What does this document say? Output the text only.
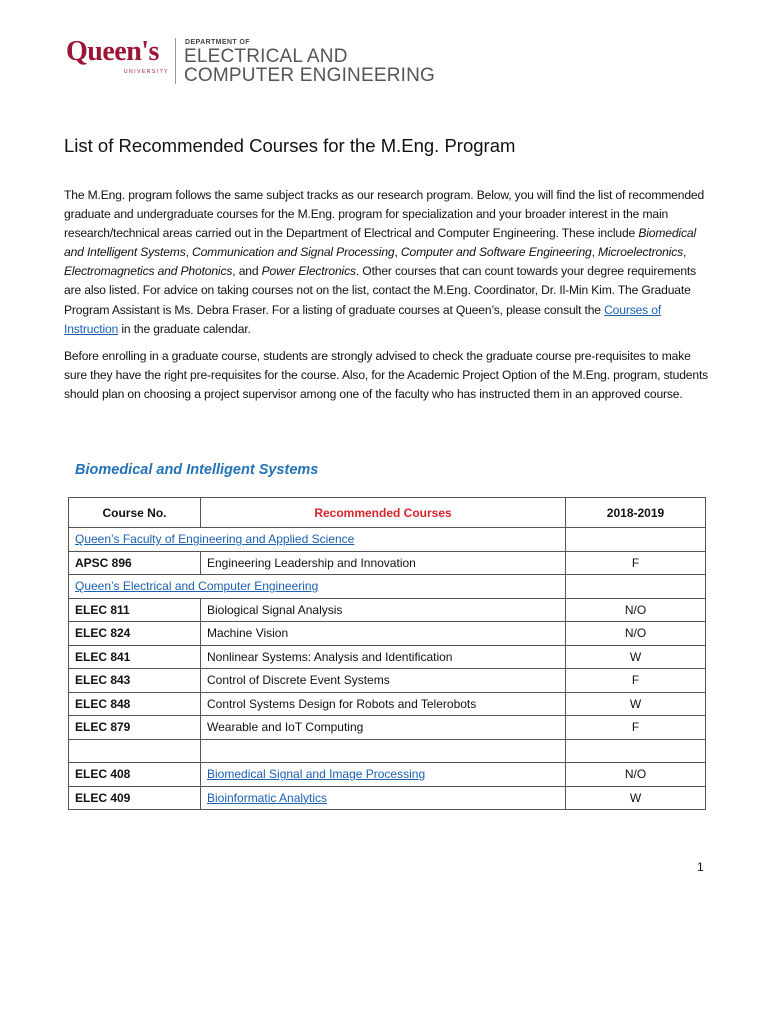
Queen's
UNIVERSITY
DEPARTMENT OF
ELECTRICAL AND
COMPUTER ENGINEERING
List of Recommended Courses for the M.Eng. Program

The M.Eng. program follows the same subject tracks as our research program. Below, you will find the list of recommended graduate and undergraduate courses for the M.Eng. program for specialization and your broader interest in the main research/technical areas carried out in the Department of Electrical and Computer Engineering. These include Biomedical and Intelligent Systems, Communication and Signal Processing, Computer and Software Engineering, Microelectronics, Electromagnetics and Photonics, and Power Electronics. Other courses that can count towards your degree requirements are also listed. For advice on taking courses not on the list, contact the M.Eng. Coordinator, Dr. Il-Min Kim. The Graduate Program Assistant is Ms. Debra Fraser. For a listing of graduate courses at Queen’s, please consult the Courses of Instruction in the graduate calendar.

Before enrolling in a graduate course, students are strongly advised to check the graduate course pre-requisites to make sure they have the right pre-requisites for the course. Also, for the Academic Project Option of the M.Eng. program, students should plan on choosing a project supervisor among one of the faculty who has instructed them in an approved course.

Biomedical and Intelligent Systems
Course No.	Recommended Courses	2018-2019
Queen’s Faculty of Engineering and Applied Science		
APSC 896	Engineering Leadership and Innovation	F
Queen’s Electrical and Computer Engineering		
ELEC 811	Biological Signal Analysis	N/O
ELEC 824	Machine Vision	N/O
ELEC 841	Nonlinear Systems: Analysis and Identification	W
ELEC 843	Control of Discrete Event Systems	F
ELEC 848	Control Systems Design for Robots and Telerobots	W
ELEC 879	Wearable and IoT Computing	F

ELEC 408	Biomedical Signal and Image Processing	N/O
ELEC 409	Bioinformatic Analytics	W
1
